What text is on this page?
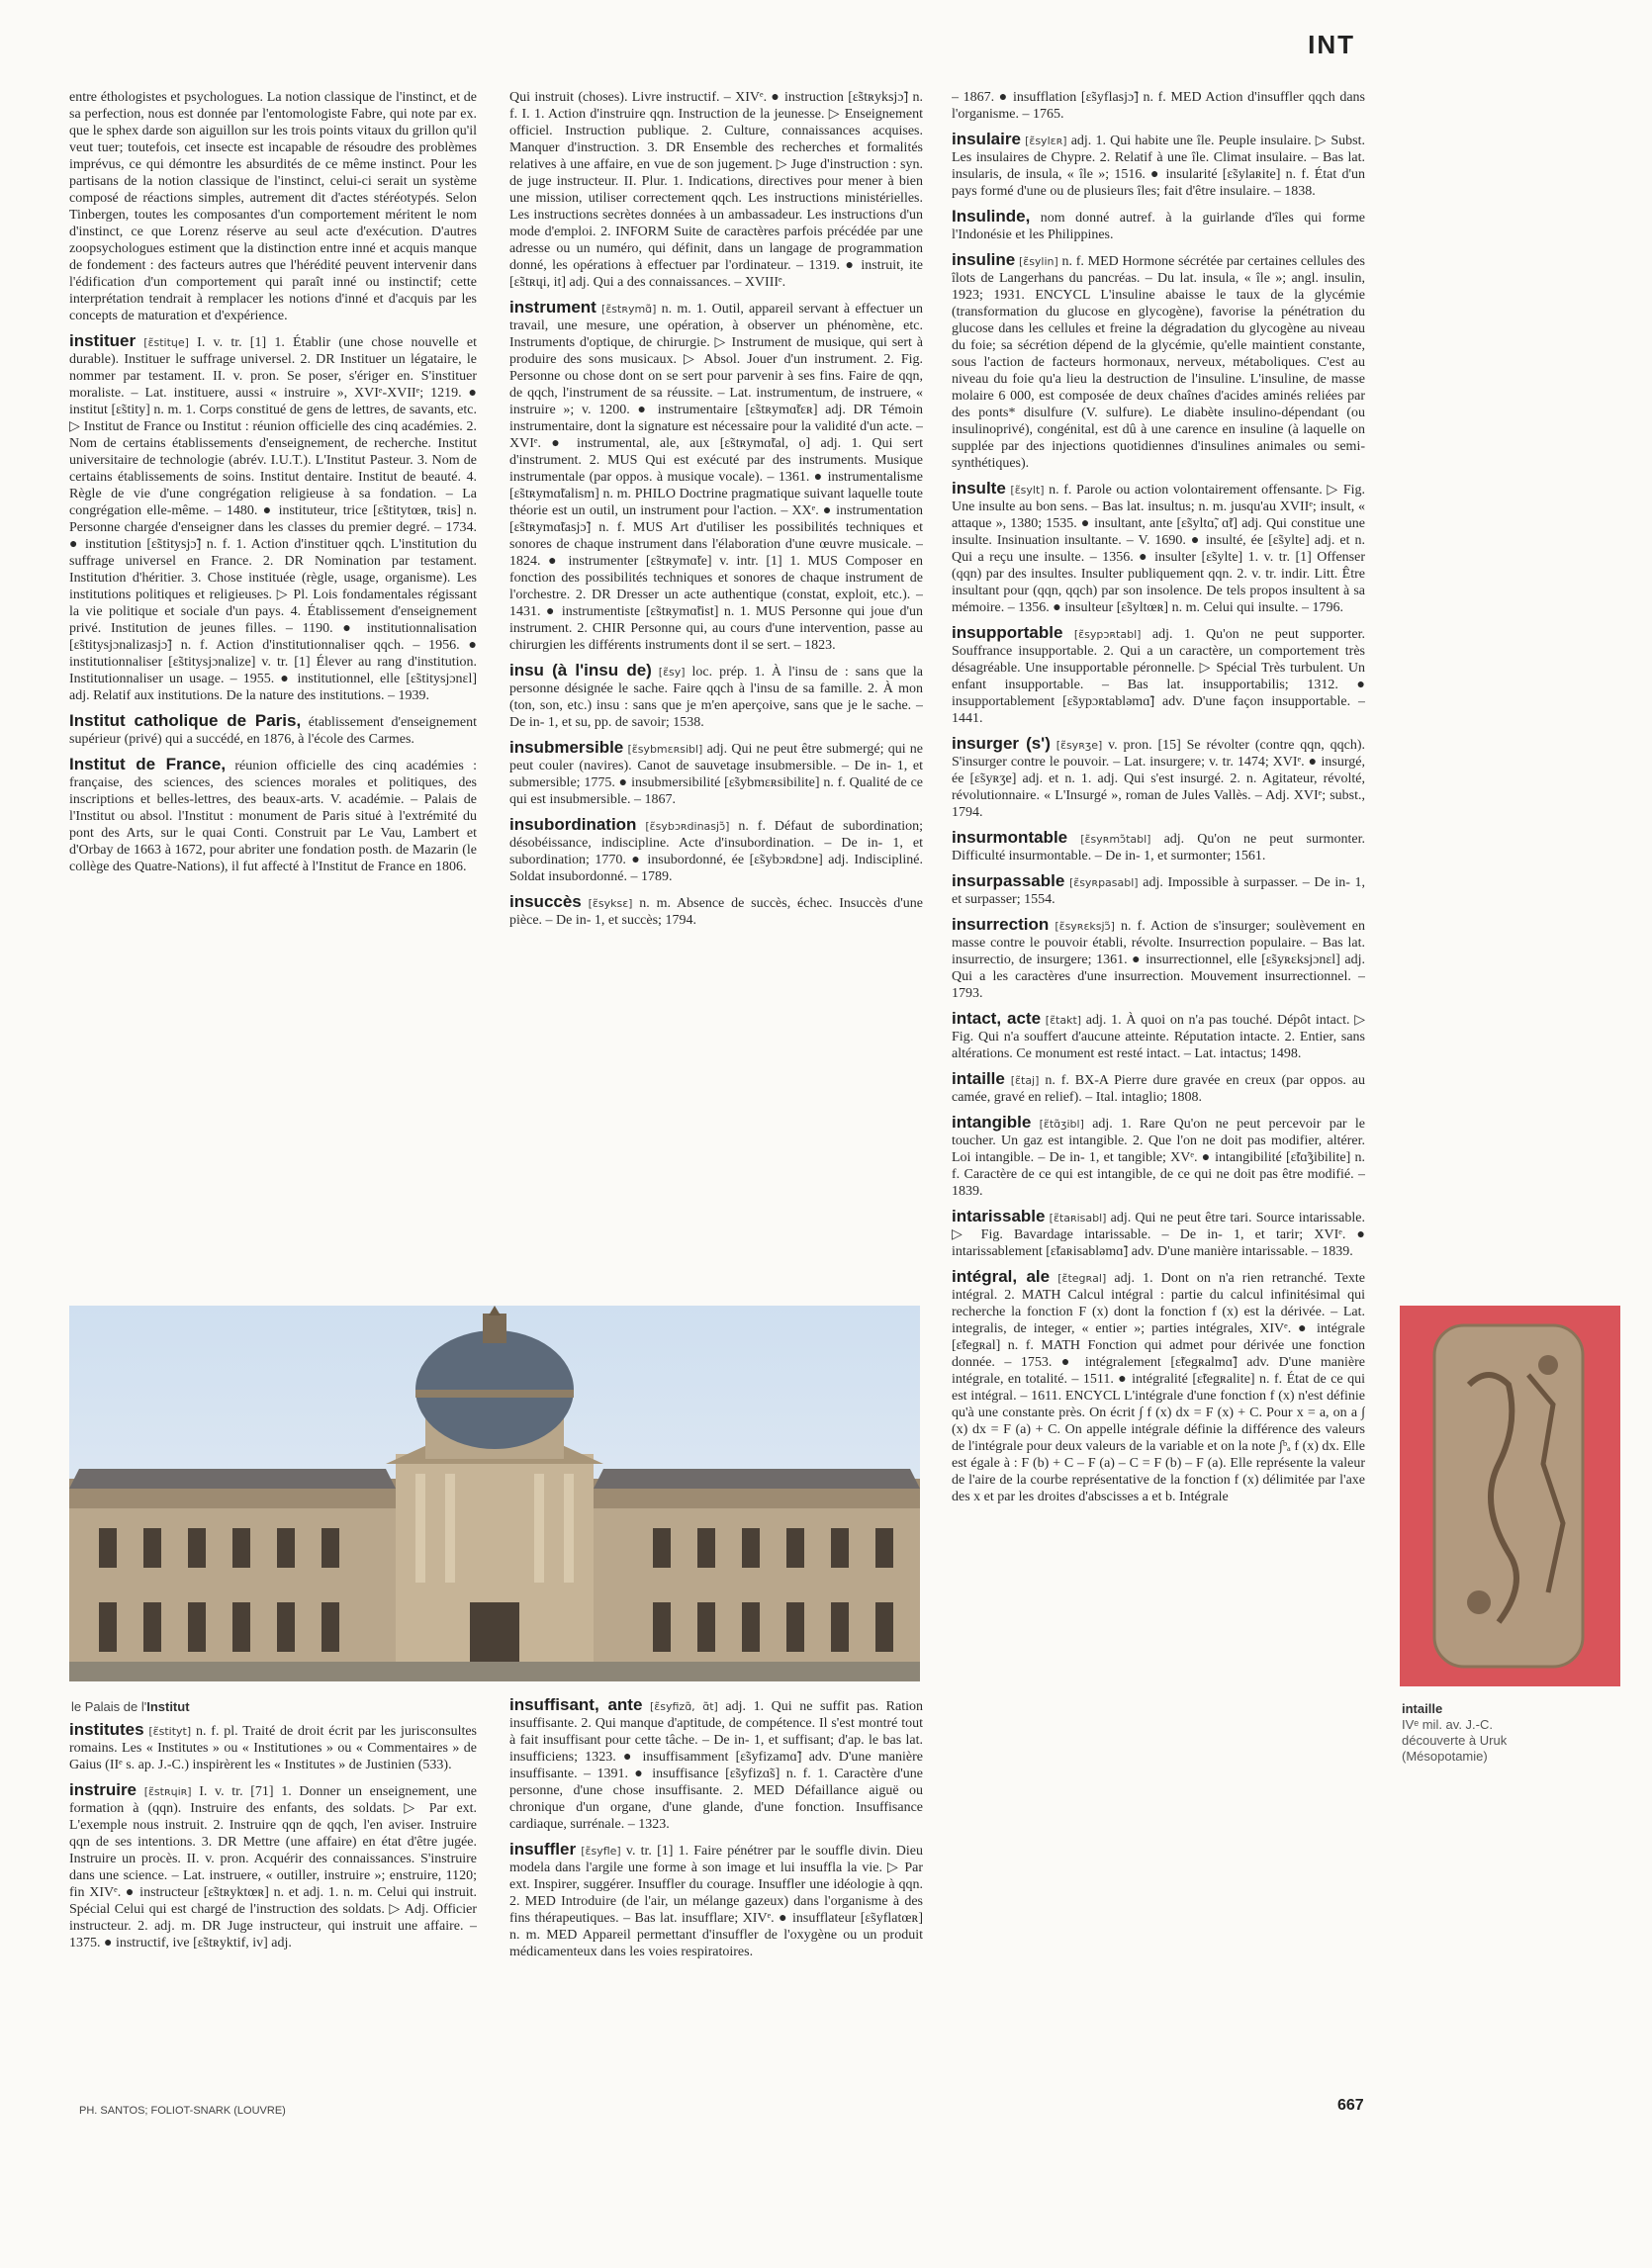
INT

entre éthologistes et psychologues. La notion classique de l'instinct, et de sa perfection, nous est donnée par l'entomologiste Fabre, qui note par ex. que le sphex darde son aiguillon sur les trois points vitaux du grillon qu'il veut tuer; toutefois, cet insecte est incapable de résoudre des problèmes imprévus, ce qui démontre les absurdités de ce même instinct. Pour les partisans de la notion classique de l'instinct, celui-ci serait un système composé de réactions simples, autrement dit d'actes stéréotypés. Selon Tinbergen, toutes les composantes d'un comportement méritent le nom d'instinct, ce que Lorenz réserve au seul acte d'exécution. D'autres zoopsychologues estiment que la distinction entre inné et acquis manque de fondement : des facteurs autres que l'hérédité peuvent intervenir dans l'édification d'un comportement qui paraît inné ou instinctif; cette interprétation tendrait à remplacer les notions d'inné et d'acquis par les concepts de maturation et d'expérience.

instituer [ɛ̃stitɥe] I. v. tr. [1] 1. Établir (une chose nouvelle et durable). Instituer le suffrage universel. 2. DR Instituer un légataire, le nommer par testament. II. v. pron. Se poser, s'ériger en. S'instituer moraliste. – Lat. instituere, aussi « instruire », XVIᵉ-XVIIᵉ; 1219. ● institut [ɛ̃stity] n. m. 1. Corps constitué de gens de lettres, de savants, etc. ▷ Institut de France ou Institut : réunion officielle des cinq académies. 2. Nom de certains établissements d'enseignement, de recherche. Institut universitaire de technologie (abrév. I.U.T.). L'Institut Pasteur. 3. Nom de certains établissements de soins. Institut dentaire. Institut de beauté. 4. Règle de vie d'une congrégation religieuse à sa fondation. – La congrégation elle-même. – 1480. ● instituteur, trice [ɛ̃stitytœʀ, tʀis] n. Personne chargée d'enseigner dans les classes du premier degré. – 1734. ● institution [ɛ̃stitysjɔ̃] n. f. 1. Action d'instituer qqch. L'institution du suffrage universel en France. 2. DR Nomination par testament. Institution d'héritier. 3. Chose instituée (règle, usage, organisme). Les institutions politiques et religieuses. ▷ Pl. Lois fondamentales régissant la vie politique et sociale d'un pays. 4. Établissement d'enseignement privé. Institution de jeunes filles. – 1190. ● institutionnalisation [ɛ̃stitysjɔnalizasjɔ̃] n. f. Action d'institutionnaliser qqch. – 1956. ● institutionnaliser [ɛ̃stitysjɔnalize] v. tr. [1] Élever au rang d'institution. Institutionnaliser un usage. – 1955. ● institutionnel, elle [ɛ̃stitysjɔnɛl] adj. Relatif aux institutions. De la nature des institutions. – 1939.

Institut catholique de Paris, établissement d'enseignement supérieur (privé) qui a succédé, en 1876, à l'école des Carmes.

Institut de France, réunion officielle des cinq académies : française, des sciences, des sciences morales et politiques, des inscriptions et belles-lettres, des beaux-arts. V. académie. – Palais de l'Institut ou absol. l'Institut : monument de Paris situé à l'extrémité du pont des Arts, sur le quai Conti. Construit par Le Vau, Lambert et d'Orbay de 1663 à 1672, pour abriter une fondation posth. de Mazarin (le collège des Quatre-Nations), il fut affecté à l'Institut de France en 1806.

Qui instruit (choses). Livre instructif. – XIVᵉ. ● instruction [ɛ̃stʀyksjɔ̃] n. f. I. 1. Action d'instruire qqn. Instruction de la jeunesse. ▷ Enseignement officiel. Instruction publique. 2. Culture, connaissances acquises. Manquer d'instruction. 3. DR Ensemble des recherches et formalités relatives à une affaire, en vue de son jugement. ▷ Juge d'instruction : syn. de juge instructeur. II. Plur. 1. Indications, directives pour mener à bien une mission, utiliser correctement qqch. Les instructions ministérielles. Les instructions secrètes données à un ambassadeur. Les instructions d'un mode d'emploi. 2. INFORM Suite de caractères parfois précédée par une adresse ou un numéro, qui définit, dans un langage de programmation donné, les opérations à effectuer par l'ordinateur. – 1319. ● instruit, ite [ɛ̃stʀɥi, it] adj. Qui a des connaissances. – XVIIIᵉ.

instrument [ɛ̃stʀymɑ̃] n. m. 1. Outil, appareil servant à effectuer un travail, une mesure, une opération, à observer un phénomène, etc. Instruments d'optique, de chirurgie. ▷ Instrument de musique, qui sert à produire des sons musicaux. ▷ Absol. Jouer d'un instrument. 2. Fig. Personne ou chose dont on se sert pour parvenir à ses fins. Faire de qqn, de qqch, l'instrument de sa réussite. – Lat. instrumentum, de instruere, « instruire »; v. 1200. ● instrumentaire [ɛ̃stʀymɑ̃tɛʀ] adj. DR Témoin instrumentaire, dont la signature est nécessaire pour la validité d'un acte. – XVIᵉ. ● instrumental, ale, aux [ɛ̃stʀymɑ̃tal, o] adj. 1. Qui sert d'instrument. 2. MUS Qui est exécuté par des instruments. Musique instrumentale (par oppos. à musique vocale). – 1361. ● instrumentalisme [ɛ̃stʀymɑ̃talism] n. m. PHILO Doctrine pragmatique suivant laquelle toute théorie est un outil, un instrument pour l'action. – XXᵉ. ● instrumentation [ɛ̃stʀymɑ̃tasjɔ̃] n. f. MUS Art d'utiliser les possibilités techniques et sonores de chaque instrument dans l'élaboration d'une œuvre musicale. – 1824. ● instrumenter [ɛ̃stʀymɑ̃te] v. intr. [1] 1. MUS Composer en fonction des possibilités techniques et sonores de chaque instrument de l'orchestre. 2. DR Dresser un acte authentique (constat, exploit, etc.). – 1431. ● instrumentiste [ɛ̃stʀymɑ̃tist] n. 1. MUS Personne qui joue d'un instrument. 2. CHIR Personne qui, au cours d'une intervention, passe au chirurgien les différents instruments dont il se sert. – 1823.

insu (à l'insu de) [ɛ̃sy] loc. prép. 1. À l'insu de : sans que la personne désignée le sache. Faire qqch à l'insu de sa famille. 2. À mon (ton, son, etc.) insu : sans que je m'en aperçoive, sans que je le sache. – De in- 1, et su, pp. de savoir; 1538.

insubmersible [ɛ̃sybmɛʀsibl] adj. Qui ne peut être submergé; qui ne peut couler (navires). Canot de sauvetage insubmersible. – De in- 1, et submersible; 1775. ● insubmersibilité [ɛ̃sybmɛʀsibilite] n. f. Qualité de ce qui est insubmersible. – 1867.

insubordination [ɛ̃sybɔʀdinasjɔ̃] n. f. Défaut de subordination; désobéissance, indiscipline. Acte d'insubordination. – De in- 1, et subordination; 1770. ● insubordonné, ée [ɛ̃sybɔʀdɔne] adj. Indiscipliné. Soldat insubordonné. – 1789.

insuccès [ɛ̃syksɛ] n. m. Absence de succès, échec. Insuccès d'une pièce. – De in- 1, et succès; 1794.

– 1867. ● insufflation [ɛ̃syflasjɔ̃] n. f. MED Action d'insuffler qqch dans l'organisme. – 1765.

insulaire [ɛ̃sylɛʀ] adj. 1. Qui habite une île. Peuple insulaire. ▷ Subst. Les insulaires de Chypre. 2. Relatif à une île. Climat insulaire. – Bas lat. insularis, de insula, « île »; 1516. ● insularité [ɛ̃sylaʀite] n. f. État d'un pays formé d'une ou de plusieurs îles; fait d'être insulaire. – 1838.

Insulinde, nom donné autref. à la guirlande d'îles qui forme l'Indonésie et les Philippines.

insuline [ɛ̃sylin] n. f. MED Hormone sécrétée par certaines cellules des îlots de Langerhans du pancréas. – Du lat. insula, « île »; angl. insulin, 1923; 1931. ENCYCL L'insuline abaisse le taux de la glycémie (transformation du glucose en glycogène), favorise la pénétration du glucose dans les cellules et freine la dégradation du glycogène au niveau du foie; sa sécrétion dépend de la glycémie, qu'elle maintient constante, sous l'action de facteurs hormonaux, nerveux, métaboliques. C'est au niveau du foie qu'a lieu la destruction de l'insuline. L'insuline, de masse molaire 6 000, est composée de deux chaînes d'acides aminés reliées par des ponts* disulfure (V. sulfure). Le diabète insulino-dépendant (ou insulinoprivé), congénital, est dû à une carence en insuline (à laquelle on supplée par des injections quotidiennes d'insulines animales ou semi-synthétiques).

insulte [ɛ̃sylt] n. f. Parole ou action volontairement offensante. ▷ Fig. Une insulte au bon sens. – Bas lat. insultus; n. m. jusqu'au XVIIᵉ; insult, « attaque », 1380; 1535. ● insultant, ante [ɛ̃syltɑ̃, ɑ̃t] adj. Qui constitue une insulte. Insinuation insultante. – V. 1690. ● insulté, ée [ɛ̃sylte] adj. et n. Qui a reçu une insulte. – 1356. ● insulter [ɛ̃sylte] 1. v. tr. [1] Offenser (qqn) par des insultes. Insulter publiquement qqn. 2. v. tr. indir. Litt. Être insultant pour (qqn, qqch) par son insolence. De tels propos insultent à sa mémoire. – 1356. ● insulteur [ɛ̃syltœʀ] n. m. Celui qui insulte. – 1796.

insupportable [ɛ̃sypɔʀtabl] adj. 1. Qu'on ne peut supporter. Souffrance insupportable. 2. Qui a un caractère, un comportement très désagréable. Une insupportable péronnelle. ▷ Spécial Très turbulent. Un enfant insupportable. – Bas lat. insupportabilis; 1312. ● insupportablement [ɛ̃sypɔʀtabləmɑ̃] adv. D'une façon insupportable. – 1441.

insurger (s') [ɛ̃syʀʒe] v. pron. [15] Se révolter (contre qqn, qqch). S'insurger contre le pouvoir. – Lat. insurgere; v. tr. 1474; XVIᵉ. ● insurgé, ée [ɛ̃syʀʒe] adj. et n. 1. adj. Qui s'est insurgé. 2. n. Agitateur, révolté, révolutionnaire. « L'Insurgé », roman de Jules Vallès. – Adj. XVIᵉ; subst., 1794.

insurmontable [ɛ̃syʀmɔ̃tabl] adj. Qu'on ne peut surmonter. Difficulté insurmontable. – De in- 1, et surmonter; 1561.

insurpassable [ɛ̃syʀpasabl] adj. Impossible à surpasser. – De in- 1, et surpasser; 1554.

insurrection [ɛ̃syʀɛksjɔ̃] n. f. Action de s'insurger; soulèvement en masse contre le pouvoir établi, révolte. Insurrection populaire. – Bas lat. insurrectio, de insurgere; 1361. ● insurrectionnel, elle [ɛ̃syʀɛksjɔnɛl] adj. Qui a les caractères d'une insurrection. Mouvement insurrectionnel. – 1793.

intact, acte [ɛ̃takt] adj. 1. À quoi on n'a pas touché. Dépôt intact. ▷ Fig. Qui n'a souffert d'aucune atteinte. Réputation intacte. 2. Entier, sans altérations. Ce monument est resté intact. – Lat. intactus; 1498.

intaille [ɛ̃taj] n. f. BX-A Pierre dure gravée en creux (par oppos. au camée, gravé en relief). – Ital. intaglio; 1808.

intangible [ɛ̃tɑ̃ʒibl] adj. 1. Rare Qu'on ne peut percevoir par le toucher. Un gaz est intangible. 2. Que l'on ne doit pas modifier, altérer. Loi intangible. – De in- 1, et tangible; XVᵉ. ● intangibilité [ɛ̃tɑ̃ʒibilite] n. f. Caractère de ce qui est intangible, de ce qui ne doit pas être modifié. – 1839.

intarissable [ɛ̃taʀisabl] adj. Qui ne peut être tari. Source intarissable. ▷ Fig. Bavardage intarissable. – De in- 1, et tarir; XVIᵉ. ● intarissablement [ɛ̃taʀisabləmɑ̃] adv. D'une manière intarissable. – 1839.

intégral, ale [ɛ̃tegʀal] adj. 1. Dont on n'a rien retranché. Texte intégral. 2. MATH Calcul intégral : partie du calcul infinitésimal qui recherche la fonction F (x) dont la fonction f (x) est la dérivée. – Lat. integralis, de integer, « entier »; parties intégrales, XIVᵉ. ● intégrale [ɛ̃tegʀal] n. f. MATH Fonction qui admet pour dérivée une fonction donnée. – 1753. ● intégralement [ɛ̃tegʀalmɑ̃] adv. D'une manière intégrale, en totalité. – 1511. ● intégralité [ɛ̃tegʀalite] n. f. État de ce qui est intégral. – 1611. ENCYCL L'intégrale d'une fonction f (x) n'est définie qu'à une constante près. On écrit ∫ f (x) dx = F (x) + C. Pour x = a, on a ∫ (x) dx = F (a) + C. On appelle intégrale définie la différence des valeurs de l'intégrale pour deux valeurs de la variable et on la note ∫ᵇₐ f (x) dx. Elle est égale à : F (b) + C – F (a) – C = F (b) – F (a). Elle représente la valeur de l'aire de la courbe représentative de la fonction f (x) délimitée par l'axe des x et par les droites d'abscisses a et b. Intégrale

le Palais de l'Institut

institutes [ɛ̃stityt] n. f. pl. Traité de droit écrit par les jurisconsultes romains. Les « Institutes » ou « Institutiones » ou « Commentaires » de Gaius (IIᵉ s. ap. J.-C.) inspirèrent les « Institutes » de Justinien (533).

instruire [ɛ̃stʀɥiʀ] I. v. tr. [71] 1. Donner un enseignement, une formation à (qqn). Instruire des enfants, des soldats. ▷ Par ext. L'exemple nous instruit. 2. Instruire qqn de qqch, l'en aviser. Instruire qqn de ses intentions. 3. DR Mettre (une affaire) en état d'être jugée. Instruire un procès. II. v. pron. Acquérir des connaissances. S'instruire dans une science. – Lat. instruere, « outiller, instruire »; enstruire, 1120; fin XIVᵉ. ● instructeur [ɛ̃stʀyktœʀ] n. et adj. 1. n. m. Celui qui instruit. Spécial Celui qui est chargé de l'instruction des soldats. ▷ Adj. Officier instructeur. 2. adj. m. DR Juge instructeur, qui instruit une affaire. – 1375. ● instructif, ive [ɛ̃stʀyktif, iv] adj.

insuffisant, ante [ɛ̃syfizɑ̃, ɑ̃t] adj. 1. Qui ne suffit pas. Ration insuffisante. 2. Qui manque d'aptitude, de compétence. Il s'est montré tout à fait insuffisant pour cette tâche. – De in- 1, et suffisant; d'ap. le bas lat. insufficiens; 1323. ● insuffisamment [ɛ̃syfizamɑ̃] adv. D'une manière insuffisante. – 1391. ● insuffisance [ɛ̃syfizɑ̃s] n. f. 1. Caractère d'une personne, d'une chose insuffisante. 2. MED Défaillance aiguë ou chronique d'un organe, d'une glande, d'une fonction. Insuffisance cardiaque, surrénale. – 1323.

insuffler [ɛ̃syfle] v. tr. [1] 1. Faire pénétrer par le souffle divin. Dieu modela dans l'argile une forme à son image et lui insuffla la vie. ▷ Par ext. Inspirer, suggérer. Insuffler du courage. Insuffler une idéologie à qqn. 2. MED Introduire (de l'air, un mélange gazeux) dans l'organisme à des fins thérapeutiques. – Bas lat. insufflare; XIVᵉ. ● insufflateur [ɛ̃syflatœʀ] n. m. MED Appareil permettant d'insuffler de l'oxygène ou un produit médicamenteux dans les voies respiratoires.

intaille
IVᵉ mil. av. J.-C.
découverte à Uruk
(Mésopotamie)
PH. SANTOS; FOLIOT-SNARK (LOUVRE)	667
